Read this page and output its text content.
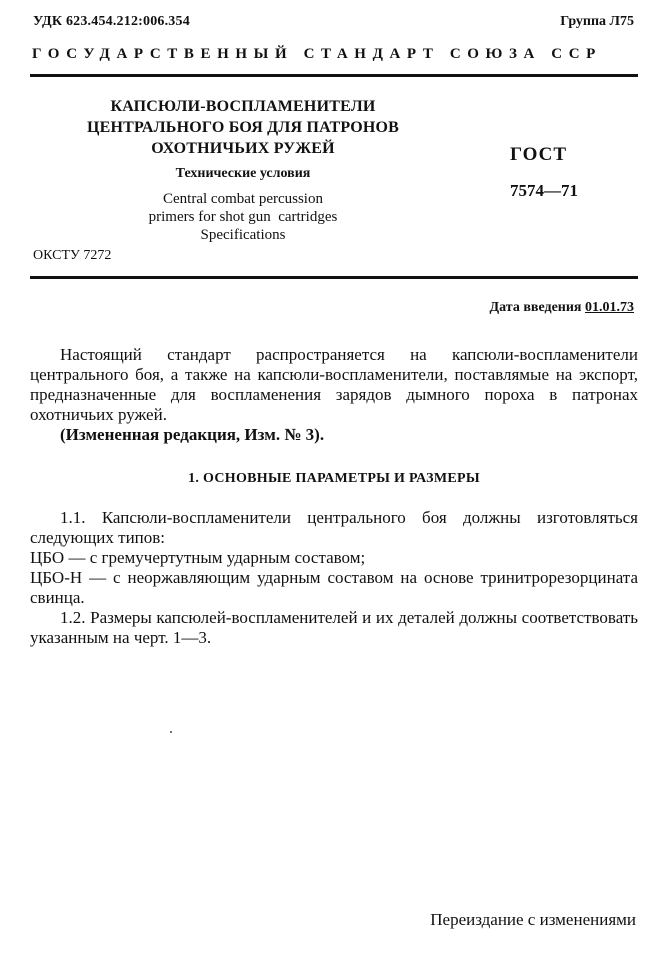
УДК 623.454.212:006.354	Группа Л75
ГОСУДАРСТВЕННЫЙ СТАНДАРТ СОЮЗА ССР
КАПСЮЛИ-ВОСПЛАМЕНИТЕЛИ
ЦЕНТРАЛЬНОГО БОЯ ДЛЯ ПАТРОНОВ
ОХОТНИЧЬИХ РУЖЕЙ
Технические условия
Central combat percussion
primers for shot gun  cartridges
Specifications
ГОСТ
7574—71
ОКСТУ 7272
Дата введения 01.01.73

Настоящий стандарт распространяется на капсюли-воспламенители центрального боя, а также на капсюли-воспламенители, поставлямые на экспорт, предназначенные для воспламенения зарядов дымного пороха в патронах охотничьих ружей.

(Измененная редакция, Изм. № 3).

1. ОСНОВНЫЕ ПАРАМЕТРЫ И РАЗМЕРЫ

1.1. Капсюли-воспламенители центрального боя должны изготовляться следующих типов:

ЦБО — с гремучертутным ударным составом;

ЦБО-Н — с неоржавляющим ударным составом на основе тринитрорезорцината свинца.

1.2. Размеры капсюлей-воспламенителей и их деталей должны соответствовать указанным на черт. 1—3.

Переиздание с изменениями
